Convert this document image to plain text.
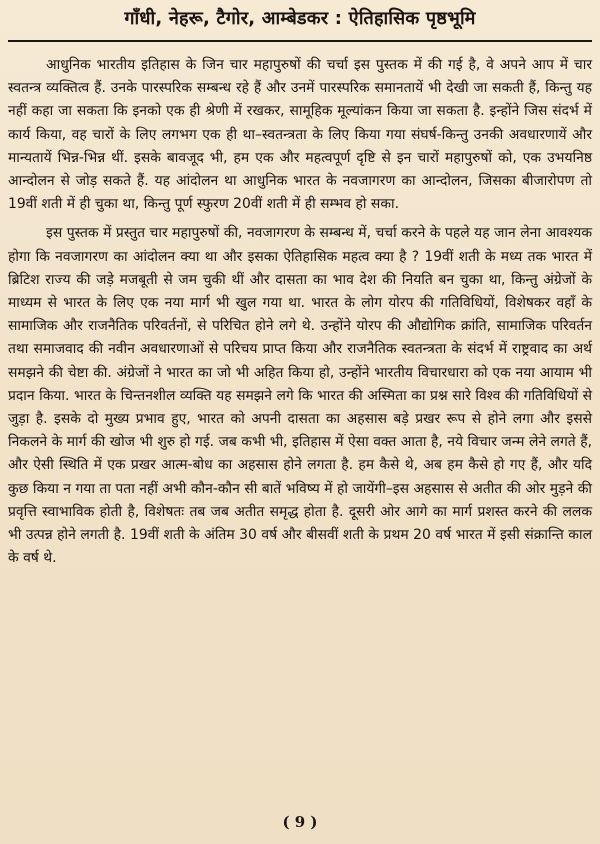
गाँधी, नेहरू, टैगोर, आम्बेडकर : ऐतिहासिक पृष्ठभूमि

आधुनिक भारतीय इतिहास के जिन चार महापुरुषों की चर्चा इस पुस्तक में की गई है, वे अपने आप में चार स्वतन्त्र व्यक्तित्व हैं. उनके पारस्परिक सम्बन्ध रहे हैं और उनमें पारस्परिक समानतायें भी देखी जा सकती हैं, किन्तु यह नहीं कहा जा सकता कि इनको एक ही श्रेणी में रखकर, सामूहिक मूल्यांकन किया जा सकता है. इन्होंने जिस संदर्भ में कार्य किया, वह चारों के लिए लगभग एक ही था–स्वतन्त्रता के लिए किया गया संघर्ष-किन्तु उनकी अवधारणायें और मान्यतायें भिन्न-भिन्न थीं. इसके बावजूद भी, हम एक और महत्वपूर्ण दृष्टि से इन चारों महापुरुषों को, एक उभयनिष्ठ आन्दोलन से जोड़ सकते हैं. यह आंदोलन था आधुनिक भारत के नवजागरण का आन्दोलन, जिसका बीजारोपण तो 19वीं शती में ही चुका था, किन्तु पूर्ण स्फुरण 20वीं शती में ही सम्भव हो सका.

इस पुस्तक में प्रस्तुत चार महापुरुषों की, नवजागरण के सम्बन्ध में, चर्चा करने के पहले यह जान लेना आवश्यक होगा कि नवजागरण का आंदोलन क्या था और इसका ऐतिहासिक महत्व क्या है ? 19वीं शती के मध्य तक भारत में ब्रिटिश राज्य की जड़े मजबूती से जम चुकी थीं और दासता का भाव देश की नियति बन चुका था, किन्तु अंग्रेजों के माध्यम से भारत के लिए एक नया मार्ग भी खुल गया था. भारत के लोग योरप की गतिविधियों, विशेषकर वहाँ के सामाजिक और राजनैतिक परिवर्तनों, से परिचित होने लगे थे. उन्होंने योरप की औद्योगिक क्रांति, सामाजिक परिवर्तन तथा समाजवाद की नवीन अवधारणाओं से परिचय प्राप्त किया और राजनैतिक स्वतन्त्रता के संदर्भ में राष्ट्रवाद का अर्थ समझने की चेष्टा की. अंग्रेजों ने भारत का जो भी अहित किया हो, उन्होंने भारतीय विचारधारा को एक नया आयाम भी प्रदान किया. भारत के चिन्तनशील व्यक्ति यह समझने लगे कि भारत की अस्मिता का प्रश्न सारे विश्व की गतिविधियों से जुड़ा है. इसके दो मुख्य प्रभाव हुए, भारत को अपनी दासता का अहसास बड़े प्रखर रूप से होने लगा और इससे निकलने के मार्ग की खोज भी शुरु हो गई. जब कभी भी, इतिहास में ऐसा वक्त आता है, नये विचार जन्म लेने लगते हैं, और ऐसी स्थिति में एक प्रखर आत्म-बोध का अहसास होने लगता है. हम कैसे थे, अब हम कैसे हो गए हैं, और यदि कुछ किया न गया ता पता नहीं अभी कौन-कौन सी बातें भविष्य में हो जायेंगी–इस अहसास से अतीत की ओर मुड़ने की प्रवृत्ति स्वाभाविक होती है, विशेषतः तब जब अतीत समृद्ध होता है. दूसरी ओर आगे का मार्ग प्रशस्त करने की ललक भी उत्पन्न होने लगती है. 19वीं शती के अंतिम 30 वर्ष और बीसवीं शती के प्रथम 20 वर्ष भारत में इसी संक्रान्ति काल के वर्ष थे.

( 9 )
